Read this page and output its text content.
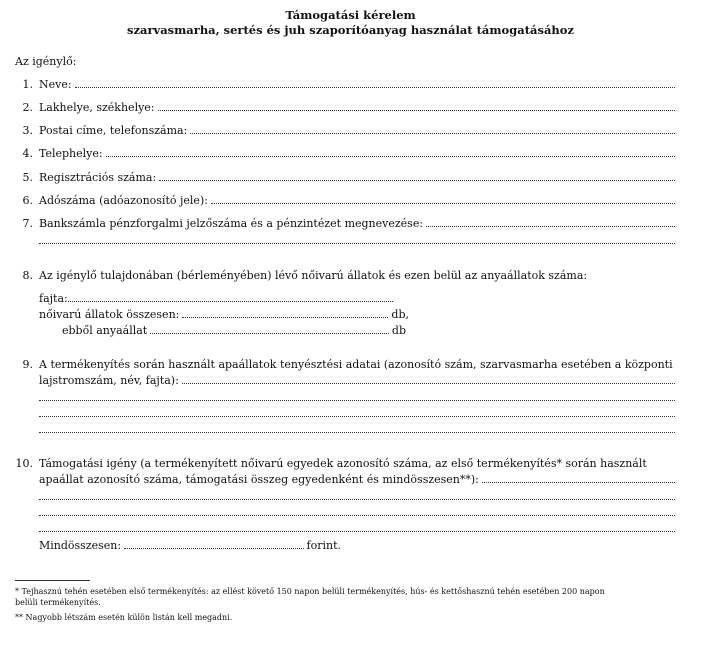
Támogatási kérelem
szarvasmarha, sertés és juh szaporítóanyag használat támogatásához
Az igénylő:
1. Neve:
2. Lakhelye, székhelye:
3. Postai címe, telefonszáma:
4. Telephelye:
5. Regisztrációs száma:
6. Adószáma (adóazonosító jele):
7. Bankszámla pénzforgalmi jelzőszáma és a pénzintézet megnevezése:
8. Az igénylő tulajdonában (bérleményében) lévő nőivarú állatok és ezen belül az anyaállatok száma:
fajta:
nőivarú állatok összesen:	db,
ebből anyaállat	db
9. A termékenyítés során használt apaállatok tenyésztési adatai (azonosító szám, szarvasmarha esetében a központi
lajstromszám, név, fajta):
10. Támogatási igény (a termékenyített nőivarú egyedek azonosító száma, az első termékenyítés* során használt
apaállat azonosító száma, támogatási összeg egyedenként és mindösszesen**):
Mindösszesen:	forint.
* Tejhasznú tehén esetében első termékenyítés: az ellést követő 150 napon belüli termékenyítés, hús- és kettőshasznú tehén esetében 200 napon
belüli termékenyítés.
** Nagyobb létszám esetén külön listán kell megadni.
